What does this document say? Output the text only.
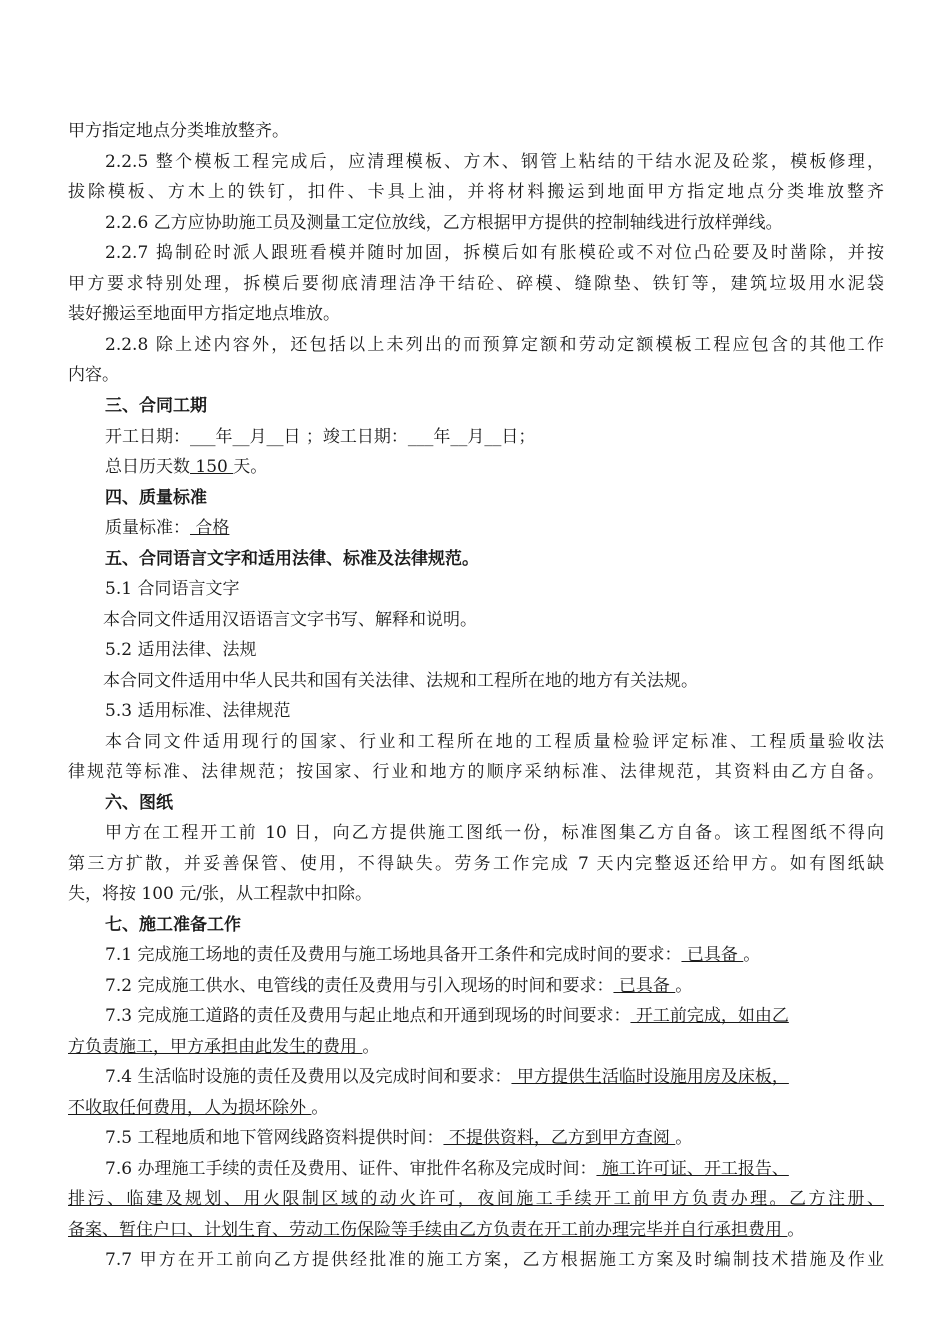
甲方指定地点分类堆放整齐。
2.2.5 整个模板工程完成后，应清理模板、方木、钢管上粘结的干结水泥及砼浆，模板修理，
拔除模板、方木上的铁钉，扣件、卡具上油，并将材料搬运到地面甲方指定地点分类堆放整齐
2.2.6 乙方应协助施工员及测量工定位放线，乙方根据甲方提供的控制轴线进行放样弹线。
2.2.7 捣制砼时派人跟班看模并随时加固，拆模后如有胀模砼或不对位凸砼要及时凿除，并按
甲方要求特别处理，拆模后要彻底清理洁净干结砼、碎模、缝隙垫、铁钉等，建筑垃圾用水泥袋
装好搬运至地面甲方指定地点堆放。
2.2.8 除上述内容外，还包括以上未列出的而预算定额和劳动定额模板工程应包含的其他工作
内容。
三、合同工期
开工日期：___年__月__日 ；竣工日期：___年__月__日；
总日历天数 150 天。
四、质量标准
质量标准： 合格
五、合同语言文字和适用法律、标准及法律规范。
5.1 合同语言文字
本合同文件适用汉语语言文字书写、解释和说明。
5.2 适用法律、法规
本合同文件适用中华人民共和国有关法律、法规和工程所在地的地方有关法规。
5.3 适用标准、法律规范
本合同文件适用现行的国家、行业和工程所在地的工程质量检验评定标准、工程质量验收法
律规范等标准、法律规范；按国家、行业和地方的顺序采纳标准、法律规范，其资料由乙方自备。
六、图纸
甲方在工程开工前 10 日，向乙方提供施工图纸一份，标准图集乙方自备。该工程图纸不得向
第三方扩散，并妥善保管、使用，不得缺失。劳务工作完成 7 天内完整返还给甲方。如有图纸缺
失，将按 100 元/张，从工程款中扣除。
七、施工准备工作
7.1 完成施工场地的责任及费用与施工场地具备开工条件和完成时间的要求： 已具备 。
7.2 完成施工供水、电管线的责任及费用与引入现场的时间和要求： 已具备 。
7.3 完成施工道路的责任及费用与起止地点和开通到现场的时间要求： 开工前完成，如由乙
方负责施工，甲方承担由此发生的费用 。
7.4 生活临时设施的责任及费用以及完成时间和要求： 甲方提供生活临时设施用房及床板，
不收取任何费用，人为损坏除外 。
7.5 工程地质和地下管网线路资料提供时间： 不提供资料，乙方到甲方查阅 。
7.6 办理施工手续的责任及费用、证件、审批件名称及完成时间： 施工许可证、开工报告、
排污、临建及规划、用火限制区域的动火许可，夜间施工手续开工前甲方负责办理。乙方注册、
备案、暂住户口、计划生育、劳动工伤保险等手续由乙方负责在开工前办理完毕并自行承担费用 。
7.7 甲方在开工前向乙方提供经批准的施工方案，乙方根据施工方案及时编制技术措施及作业
